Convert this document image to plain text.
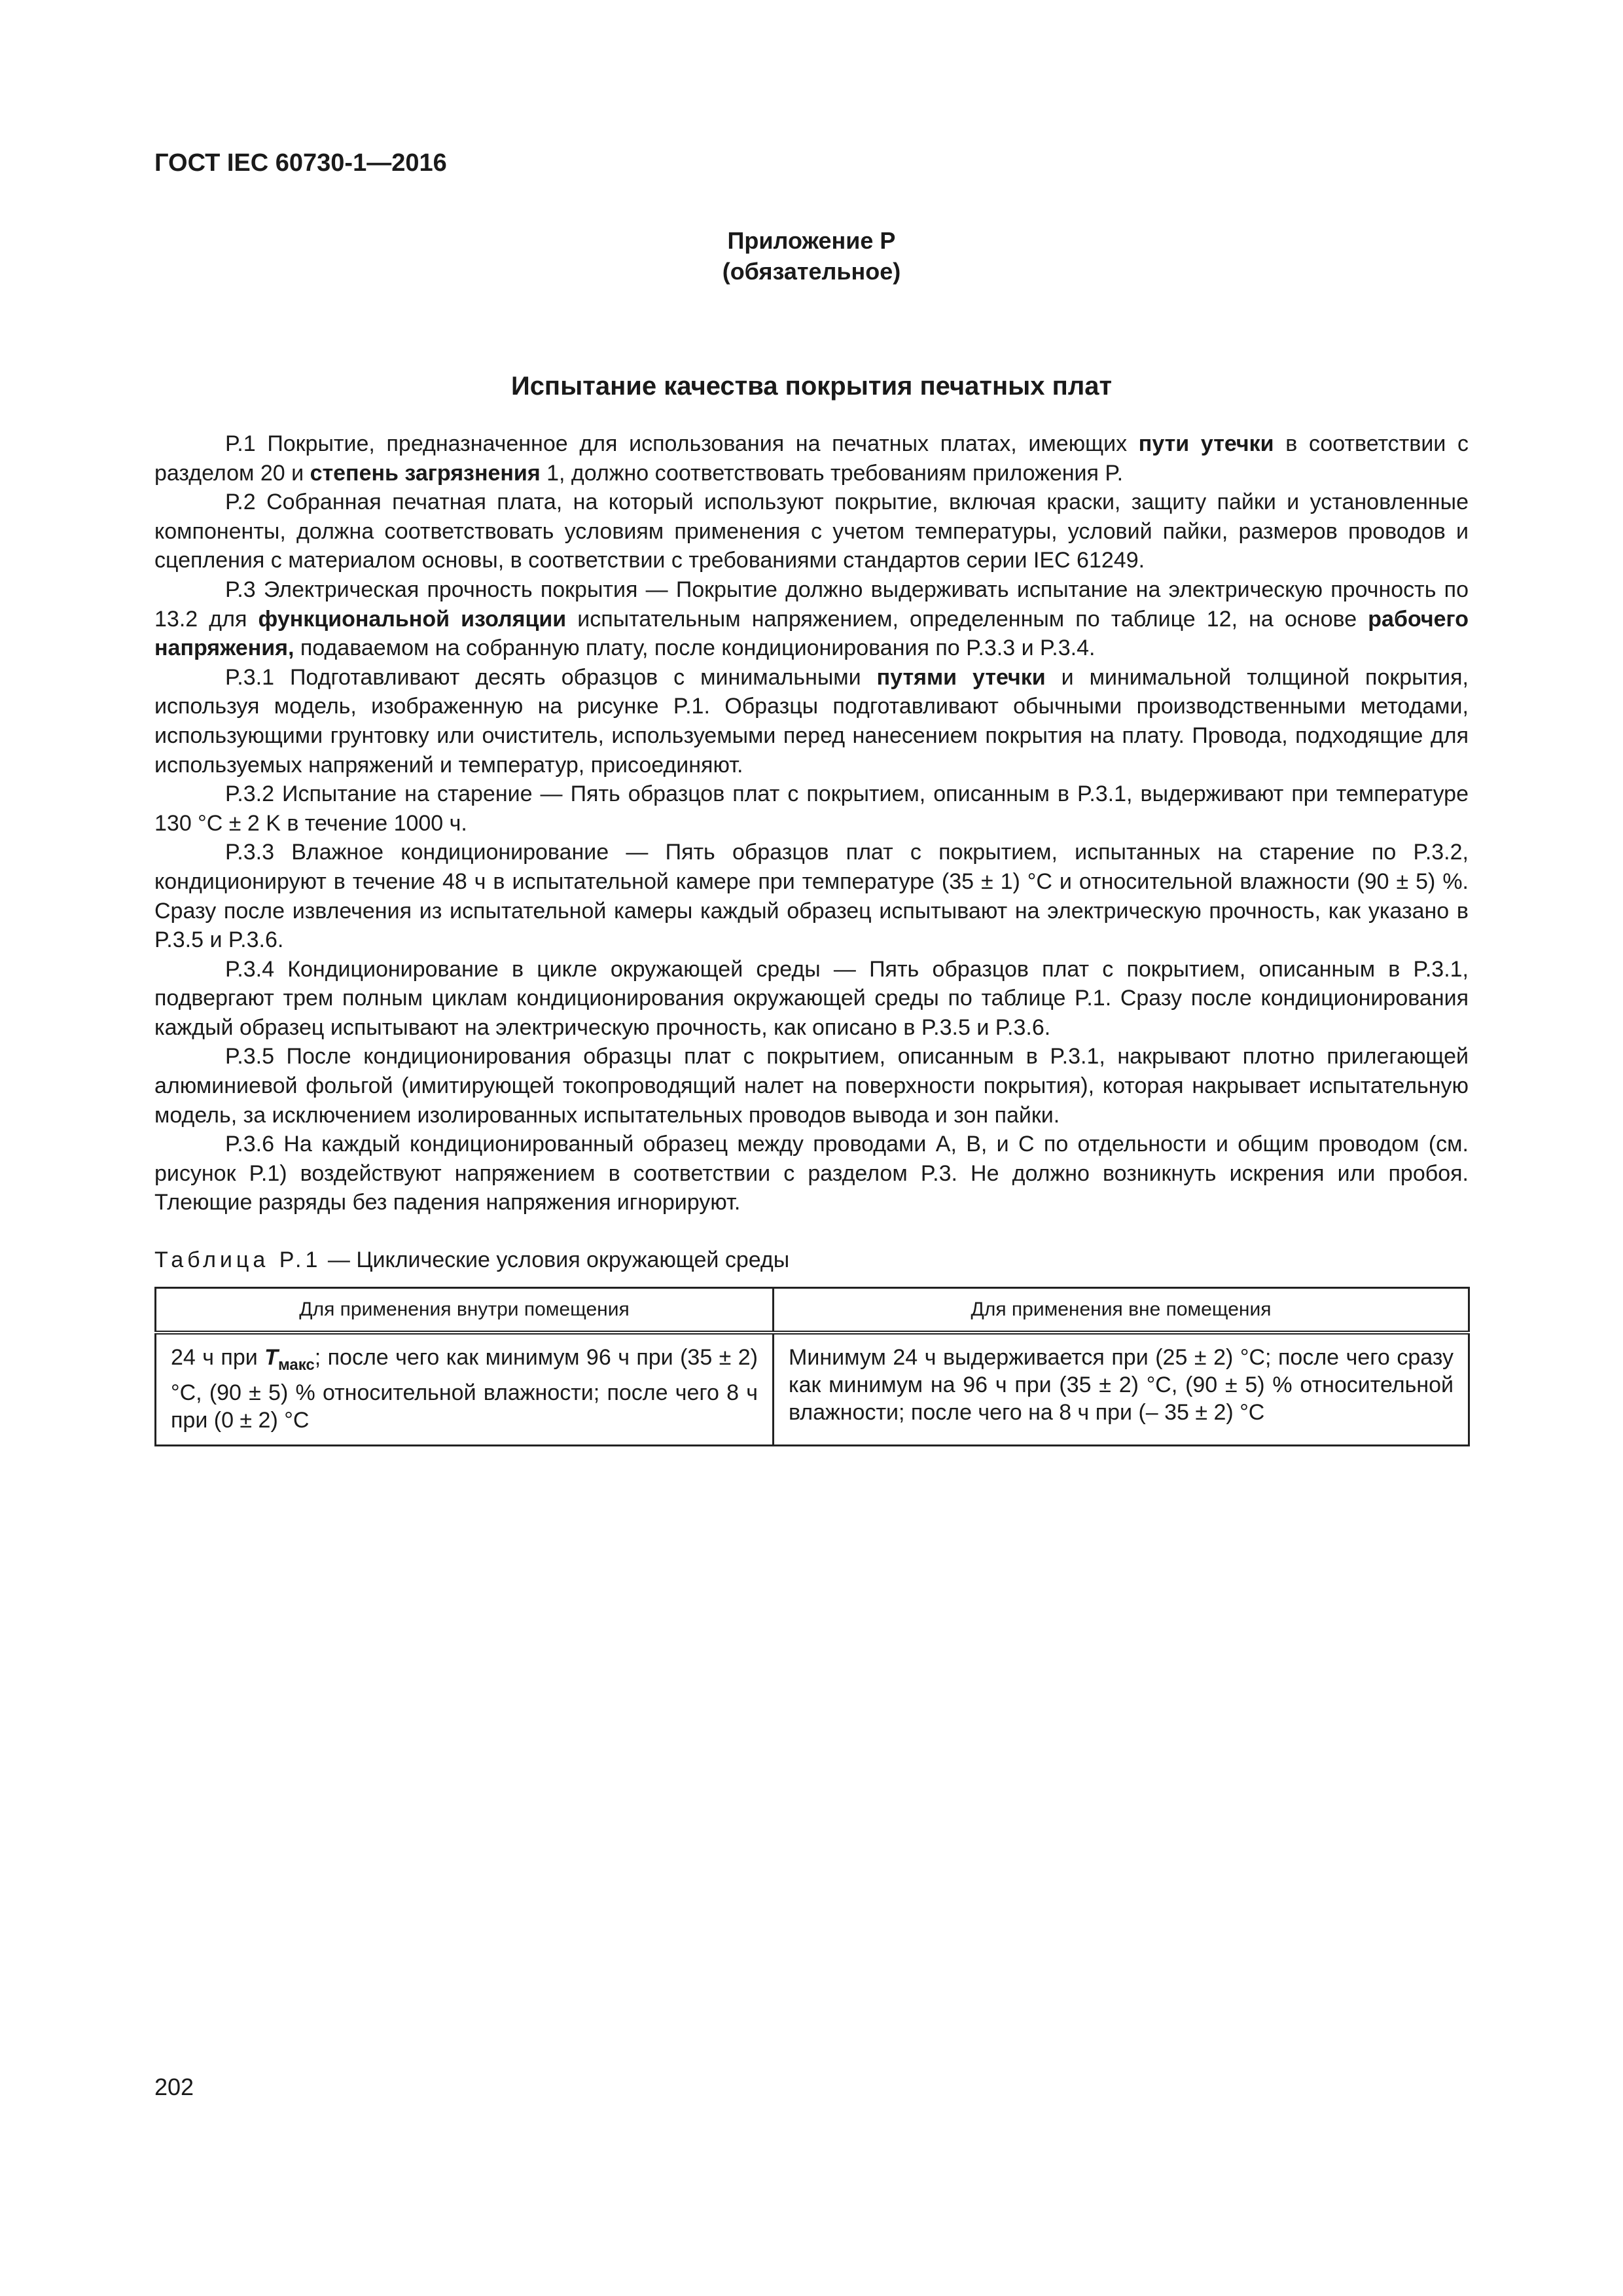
ГОСТ IEC 60730-1—2016
Приложение P
(обязательное)
Испытание качества покрытия печатных плат

P.1 Покрытие, предназначенное для использования на печатных платах, имеющих пути утечки в соответствии с разделом 20 и степень загрязнения 1, должно соответствовать требованиям приложения P.

P.2 Собранная печатная плата, на который используют покрытие, включая краски, защиту пайки и установленные компоненты, должна соответствовать условиям применения с учетом температуры, условий пайки, размеров проводов и сцепления с материалом основы, в соответствии с требованиями стандартов серии IEC 61249.

P.3 Электрическая прочность покрытия — Покрытие должно выдерживать испытание на электрическую прочность по 13.2 для функциональной изоляции испытательным напряжением, определенным по таблице 12, на основе рабочего напряжения, подаваемом на собранную плату, после кондиционирования по P.3.3 и P.3.4.

P.3.1 Подготавливают десять образцов с минимальными путями утечки и минимальной толщиной покрытия, используя модель, изображенную на рисунке P.1. Образцы подготавливают обычными производственными методами, использующими грунтовку или очиститель, используемыми перед нанесением покрытия на плату. Провода, подходящие для используемых напряжений и температур, присоединяют.

P.3.2 Испытание на старение — Пять образцов плат с покрытием, описанным в P.3.1, выдерживают при температуре 130 °C ± 2 K в течение 1000 ч.

P.3.3 Влажное кондиционирование — Пять образцов плат с покрытием, испытанных на старение по P.3.2, кондиционируют в течение 48 ч в испытательной камере при температуре (35 ± 1) °C и относительной влажности (90 ± 5) %. Сразу после извлечения из испытательной камеры каждый образец испытывают на электрическую прочность, как указано в P.3.5 и P.3.6.

P.3.4 Кондиционирование в цикле окружающей среды — Пять образцов плат с покрытием, описанным в P.3.1, подвергают трем полным циклам кондиционирования окружающей среды по таблице P.1. Сразу после кондиционирования каждый образец испытывают на электрическую прочность, как описано в P.3.5 и P.3.6.

P.3.5 После кондиционирования образцы плат с покрытием, описанным в P.3.1, накрывают плотно прилегающей алюминиевой фольгой (имитирующей токопроводящий налет на поверхности покрытия), которая накрывает испытательную модель, за исключением изолированных испытательных проводов вывода и зон пайки.

P.3.6 На каждый кондиционированный образец между проводами A, B, и C по отдельности и общим проводом (см. рисунок P.1) воздействуют напряжением в соответствии с разделом P.3. Не должно возникнуть искрения или пробоя. Тлеющие разряды без падения напряжения игнорируют.

Таблица P.1 — Циклические условия окружающей среды
Для применения внутри помещения	Для применения вне помещения
24 ч при $T_{макс}$; после чего как минимум 96 ч при (35 ± 2) °C, (90 ± 5) % относительной влажности; после чего 8 ч при (0 ± 2) °C	Минимум 24 ч выдерживается при (25 ± 2) °C; после чего сразу как минимум на 96 ч при (35 ± 2) °C, (90 ± 5) % относительной влажности; после чего на 8 ч при (– 35 ± 2) °C
202
